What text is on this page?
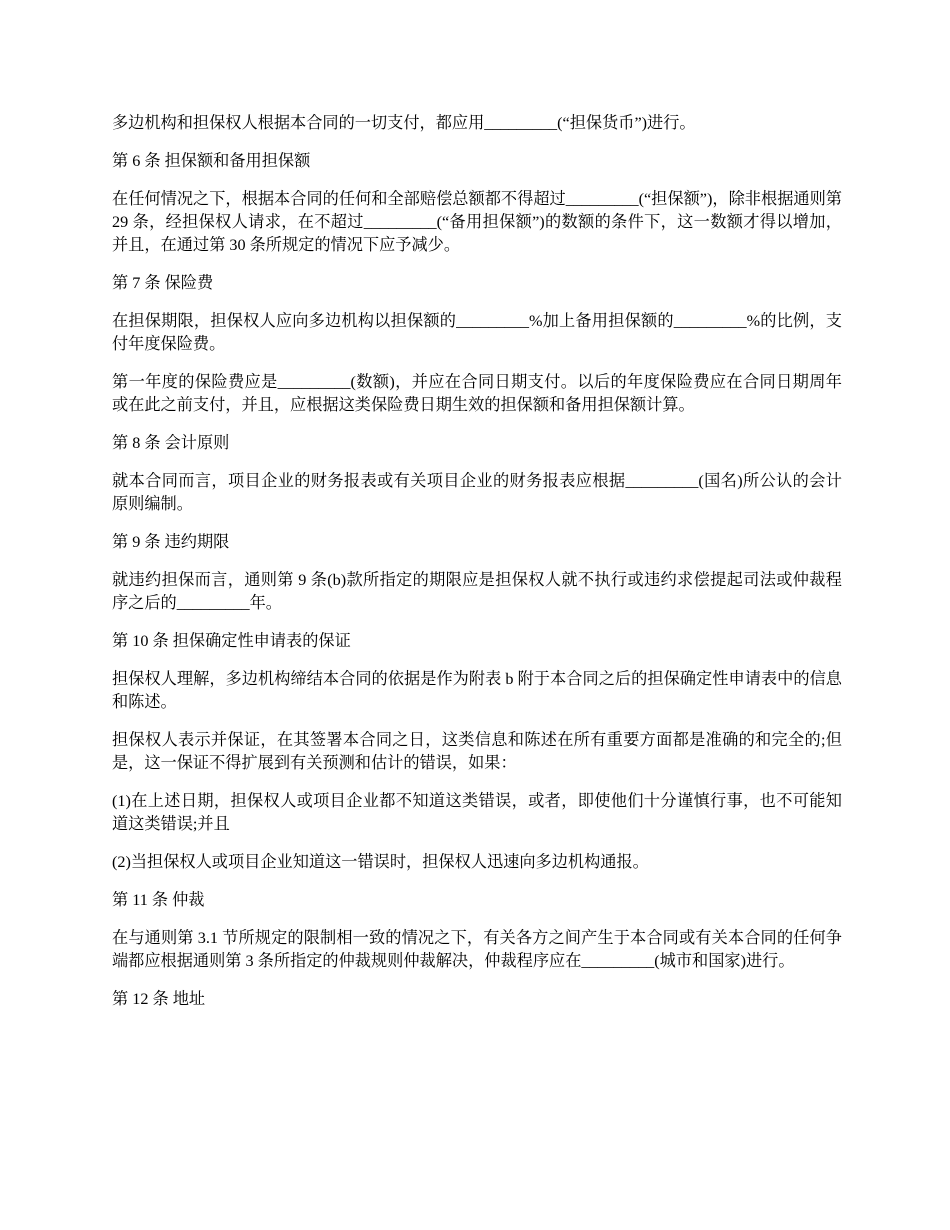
多边机构和担保权人根据本合同的一切支付，都应用_________(“担保货币”)进行。

第 6 条 担保额和备用担保额

在任何情况之下，根据本合同的任何和全部赔偿总额都不得超过_________(“担保额”)，除非根据通则第 29 条，经担保权人请求，在不超过_________(“备用担保额”)的数额的条件下，这一数额才得以增加，并且，在通过第 30 条所规定的情况下应予减少。

第 7 条 保险费

在担保期限，担保权人应向多边机构以担保额的_________%加上备用担保额的_________%的比例，支付年度保险费。

第一年度的保险费应是_________(数额)，并应在合同日期支付。以后的年度保险费应在合同日期周年或在此之前支付，并且，应根据这类保险费日期生效的担保额和备用担保额计算。

第 8 条 会计原则

就本合同而言，项目企业的财务报表或有关项目企业的财务报表应根据_________(国名)所公认的会计原则编制。

第 9 条 违约期限

就违约担保而言，通则第 9 条(b)款所指定的期限应是担保权人就不执行或违约求偿提起司法或仲裁程序之后的_________年。

第 10 条 担保确定性申请表的保证

担保权人理解，多边机构缔结本合同的依据是作为附表 b 附于本合同之后的担保确定性申请表中的信息和陈述。

担保权人表示并保证，在其签署本合同之日，这类信息和陈述在所有重要方面都是准确的和完全的;但是，这一保证不得扩展到有关预测和估计的错误，如果：

(1)在上述日期，担保权人或项目企业都不知道这类错误，或者，即使他们十分谨慎行事，也不可能知道这类错误;并且

(2)当担保权人或项目企业知道这一错误时，担保权人迅速向多边机构通报。

第 11 条 仲裁

在与通则第 3.1 节所规定的限制相一致的情况之下，有关各方之间产生于本合同或有关本合同的任何争端都应根据通则第 3 条所指定的仲裁规则仲裁解决，仲裁程序应在_________(城市和国家)进行。

第 12 条 地址
